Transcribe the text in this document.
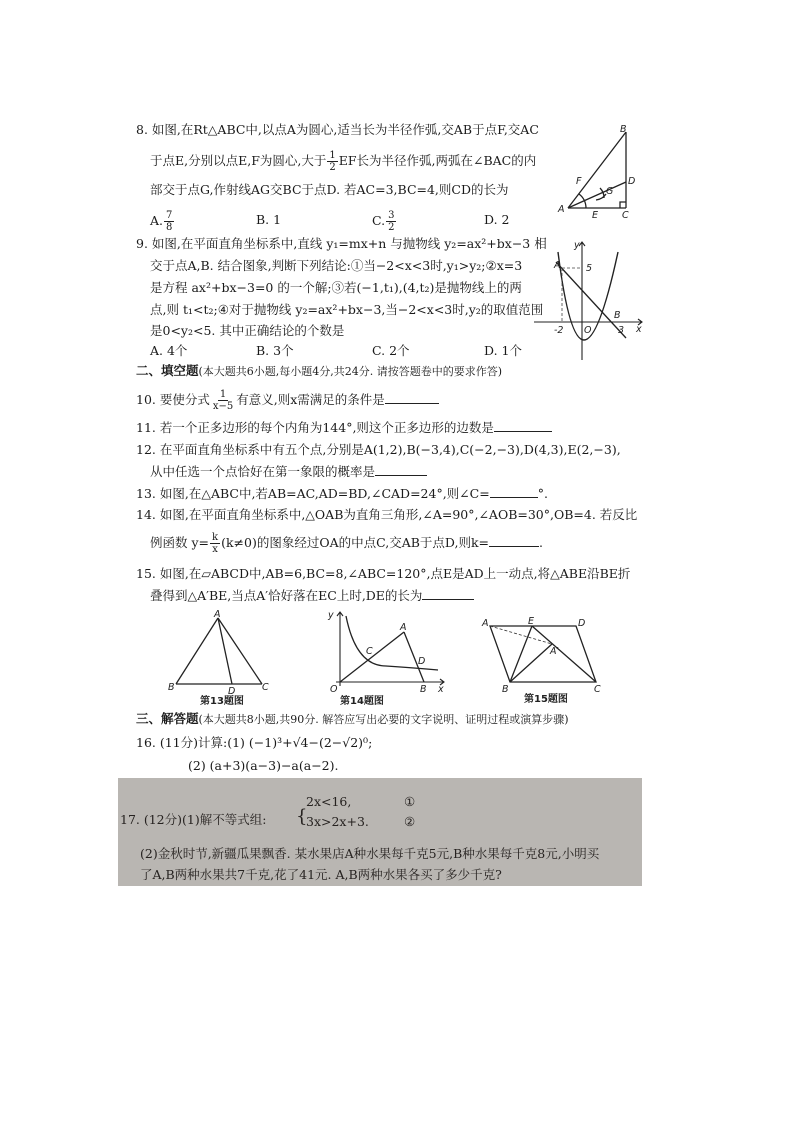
8. 如图,在Rt△ABC中,以点A为圆心,适当长为半径作弧,交AB于点F,交AC
于点E,分别以点E,F为圆心,大于 $\frac{1}{2}$ EF长为半径作弧,两弧在∠BAC的内
部交于点G,作射线AG交BC于点D. 若AC=3,BC=4,则CD的长为
A. $\frac{7}{8}$	B. 1	C. $\frac{3}{2}$	D. 2
B
F
G
D
A
E	C
9. 如图,在平面直角坐标系中,直线 y₁=mx+n 与抛物线 y₂=ax²+bx−3 相
交于点A,B. 结合图象,判断下列结论:①当−2<x<3时,y₁>y₂;②x=3
是方程 ax²+bx−3=0 的一个解;③若(−1,t₁),(4,t₂)是抛物线上的两
点,则 t₁<t₂;④对于抛物线 y₂=ax²+bx−3,当−2<x<3时,y₂的取值范围
是0<y₂<5. 其中正确结论的个数是
A. 4个	B. 3个	C. 2个	D. 1个
y
A	5
B
-2 O	3 x
二、填空题(本大题共6小题,每小题4分,共24分. 请按答题卷中的要求作答)
10. 要使分式 $\frac{1}{x-5}$ 有意义,则x需满足的条件是
11. 若一个正多边形的每个内角为144°,则这个正多边形的边数是
12. 在平面直角坐标系中有五个点,分别是A(1,2),B(−3,4),C(−2,−3),D(4,3),E(2,−3),
从中任选一个点恰好在第一象限的概率是
13. 如图,在△ABC中,若AB=AC,AD=BD,∠CAD=24°,则∠C=	°.
14. 如图,在平面直角坐标系中,△OAB为直角三角形,∠A=90°,∠AOB=30°,OB=4. 若反比
例函数 $y= \frac{k}{x} (k\ne 0)$的图象经过OA的中点C,交AB于点D,则k=	.
15. 如图,在▱ABCD中,AB=6,BC=8,∠ABC=120°,点E是AD上一动点,将△ABE沿BE折
叠得到△A′BE,当点A′恰好落在EC上时,DE的长为
A
B	D	C
第13题图
y
A
C
D
O	B x
第14题图
A	E	D
A′
B	C
第15题图
三、解答题(本大题共8小题,共90分. 解答应写出必要的文字说明、证明过程或演算步骤)
16. (11分)计算:(1) (−1)³+√4−(2−√2)⁰;
(2) (a+3)(a−3)−a(a−2).
17. (12分)(1)解不等式组: {
2x<16,
3x>2x+3.
①
②
(2)金秋时节,新疆瓜果飘香. 某水果店A种水果每千克5元,B种水果每千克8元,小明买
了A,B两种水果共7千克,花了41元. A,B两种水果各买了多少千克?
